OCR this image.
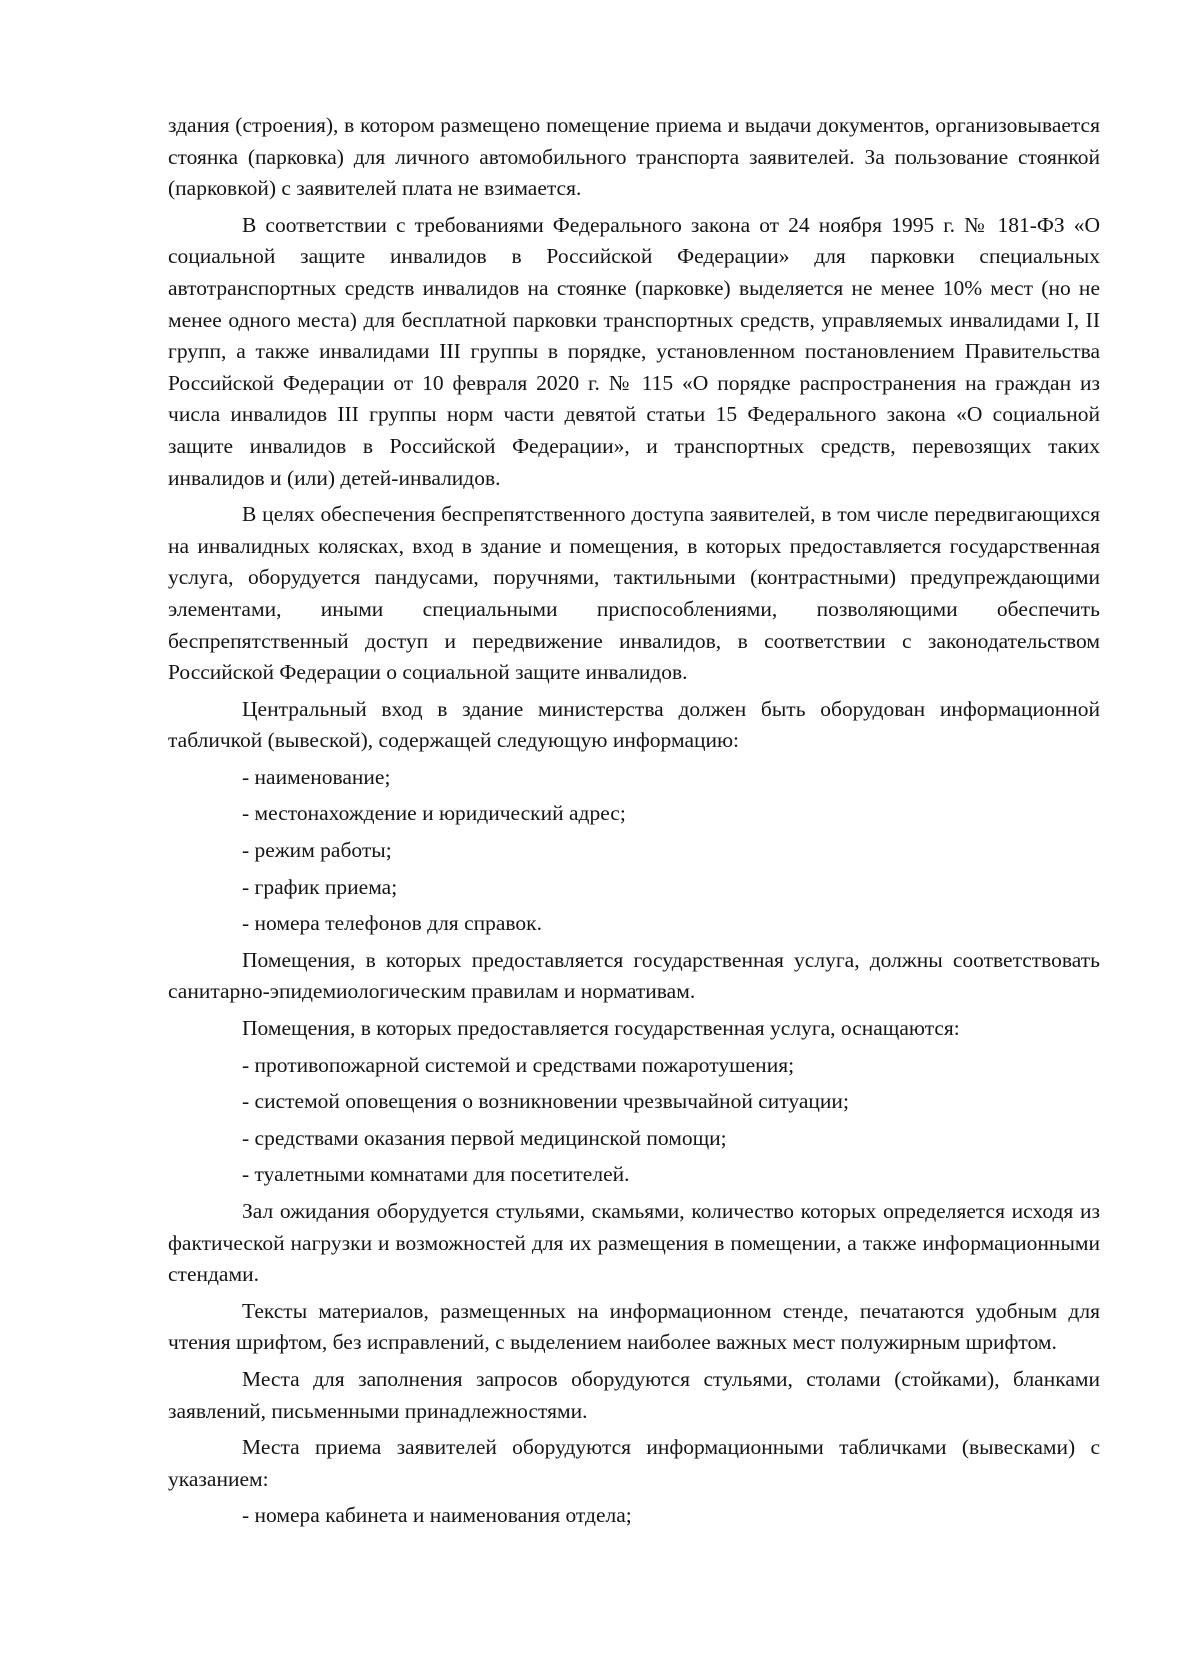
здания (строения), в котором размещено помещение приема и выдачи документов, организовывается стоянка (парковка) для личного автомобильного транспорта заявителей. За пользование стоянкой (парковкой) с заявителей плата не взимается.

В соответствии с требованиями Федерального закона от 24 ноября 1995 г. № 181-ФЗ «О социальной защите инвалидов в Российской Федерации» для парковки специальных автотранспортных средств инвалидов на стоянке (парковке) выделяется не менее 10% мест (но не менее одного места) для бесплатной парковки транспортных средств, управляемых инвалидами I, II групп, а также инвалидами III группы в порядке, установленном постановлением Правительства Российской Федерации от 10 февраля 2020 г. № 115 «О порядке распространения на граждан из числа инвалидов III группы норм части девятой статьи 15 Федерального закона «О социальной защите инвалидов в Российской Федерации», и транспортных средств, перевозящих таких инвалидов и (или) детей-инвалидов.

В целях обеспечения беспрепятственного доступа заявителей, в том числе передвигающихся на инвалидных колясках, вход в здание и помещения, в которых предоставляется государственная услуга, оборудуется пандусами, поручнями, тактильными (контрастными) предупреждающими элементами, иными специальными приспособлениями, позволяющими обеспечить беспрепятственный доступ и передвижение инвалидов, в соответствии с законодательством Российской Федерации о социальной защите инвалидов.

Центральный вход в здание министерства должен быть оборудован информационной табличкой (вывеской), содержащей следующую информацию:

- наименование;

- местонахождение и юридический адрес;

- режим работы;

- график приема;

- номера телефонов для справок.

Помещения, в которых предоставляется государственная услуга, должны соответствовать санитарно-эпидемиологическим правилам и нормативам.

Помещения, в которых предоставляется государственная услуга, оснащаются:

- противопожарной системой и средствами пожаротушения;

- системой оповещения о возникновении чрезвычайной ситуации;

- средствами оказания первой медицинской помощи;

- туалетными комнатами для посетителей.

Зал ожидания оборудуется стульями, скамьями, количество которых определяется исходя из фактической нагрузки и возможностей для их размещения в помещении, а также информационными стендами.

Тексты материалов, размещенных на информационном стенде, печатаются удобным для чтения шрифтом, без исправлений, с выделением наиболее важных мест полужирным шрифтом.

Места для заполнения запросов оборудуются стульями, столами (стойками), бланками заявлений, письменными принадлежностями.

Места приема заявителей оборудуются информационными табличками (вывесками) с указанием:

- номера кабинета и наименования отдела;
